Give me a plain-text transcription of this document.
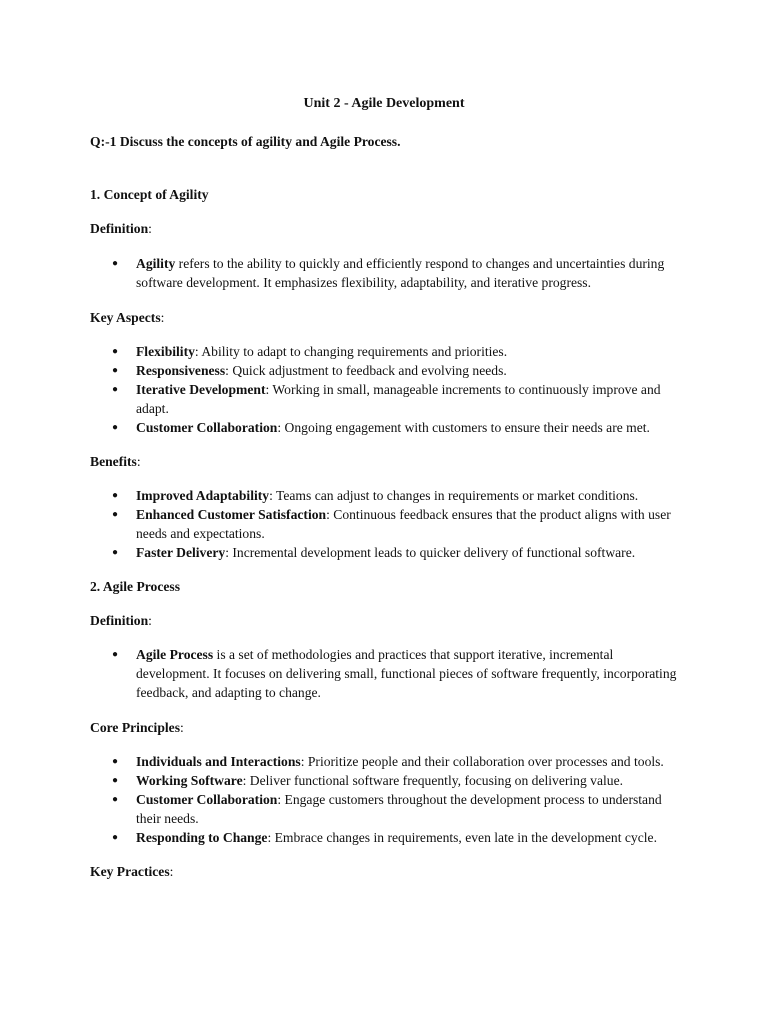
Unit 2 - Agile Development

Q:-1 Discuss the concepts of agility and Agile Process.

1. Concept of Agility

Definition:

● Agility refers to the ability to quickly and efficiently respond to changes and uncertainties during software development. It emphasizes flexibility, adaptability, and iterative progress.

Key Aspects:

● Flexibility: Ability to adapt to changing requirements and priorities.
● Responsiveness: Quick adjustment to feedback and evolving needs.
● Iterative Development: Working in small, manageable increments to continuously improve and adapt.
● Customer Collaboration: Ongoing engagement with customers to ensure their needs are met.

Benefits:

● Improved Adaptability: Teams can adjust to changes in requirements or market conditions.
● Enhanced Customer Satisfaction: Continuous feedback ensures that the product aligns with user needs and expectations.
● Faster Delivery: Incremental development leads to quicker delivery of functional software.

2. Agile Process

Definition:

● Agile Process is a set of methodologies and practices that support iterative, incremental development. It focuses on delivering small, functional pieces of software frequently, incorporating feedback, and adapting to change.

Core Principles:

● Individuals and Interactions: Prioritize people and their collaboration over processes and tools.
● Working Software: Deliver functional software frequently, focusing on delivering value.
● Customer Collaboration: Engage customers throughout the development process to understand their needs.
● Responding to Change: Embrace changes in requirements, even late in the development cycle.

Key Practices:
